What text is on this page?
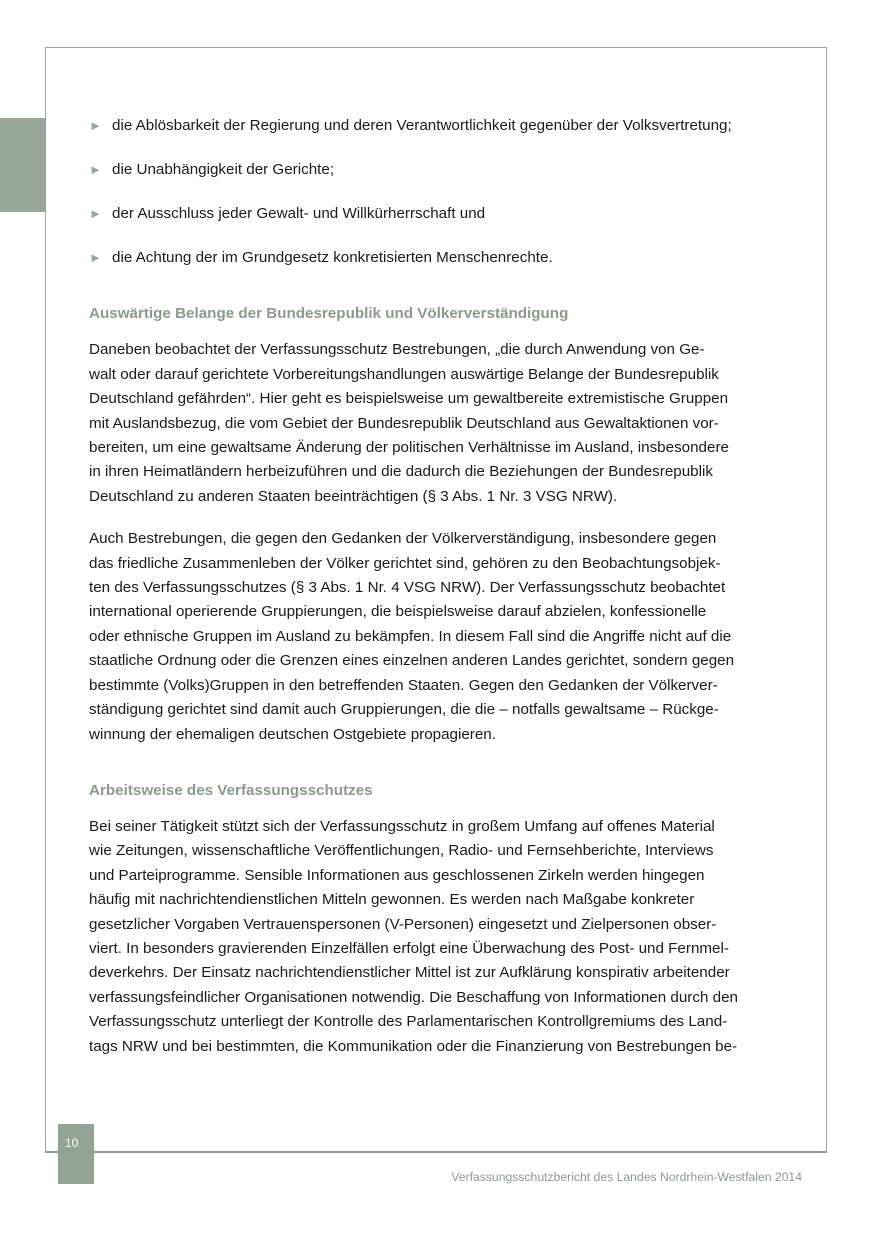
► die Ablösbarkeit der Regierung und deren Verantwortlichkeit gegenüber der Volksvertretung;
► die Unabhängigkeit der Gerichte;
► der Ausschluss jeder Gewalt- und Willkürherrschaft und
► die Achtung der im Grundgesetz konkretisierten Menschenrechte.
Auswärtige Belange der Bundesrepublik und Völkerverständigung

Daneben beobachtet der Verfassungsschutz Bestrebungen, „die durch Anwendung von Ge-
walt oder darauf gerichtete Vorbereitungshandlungen auswärtige Belange der Bundesrepublik
Deutschland gefährden“. Hier geht es beispielsweise um gewaltbereite extremistische Gruppen
mit Auslandsbezug, die vom Gebiet der Bundesrepublik Deutschland aus Gewaltaktionen vor-
bereiten, um eine gewaltsame Änderung der politischen Verhältnisse im Ausland, insbesondere
in ihren Heimatländern herbeizuführen und die dadurch die Beziehungen der Bundesrepublik
Deutschland zu anderen Staaten beeinträchtigen (§ 3 Abs. 1 Nr. 3 VSG NRW).

Auch Bestrebungen, die gegen den Gedanken der Völkerverständigung, insbesondere gegen
das friedliche Zusammenleben der Völker gerichtet sind, gehören zu den Beobachtungsobjek-
ten des Verfassungsschutzes (§ 3 Abs. 1 Nr. 4 VSG NRW). Der Verfassungsschutz beobachtet
international operierende Gruppierungen, die beispielsweise darauf abzielen, konfessionelle
oder ethnische Gruppen im Ausland zu bekämpfen. In diesem Fall sind die Angriffe nicht auf die
staatliche Ordnung oder die Grenzen eines einzelnen anderen Landes gerichtet, sondern gegen
bestimmte (Volks)Gruppen in den betreffenden Staaten. Gegen den Gedanken der Völkerver-
ständigung gerichtet sind damit auch Gruppierungen, die die – notfalls gewaltsame – Rückge-
winnung der ehemaligen deutschen Ostgebiete propagieren.

Arbeitsweise des Verfassungsschutzes

Bei seiner Tätigkeit stützt sich der Verfassungsschutz in großem Umfang auf offenes Material
wie Zeitungen, wissenschaftliche Veröffentlichungen, Radio- und Fernsehberichte, Interviews
und Parteiprogramme. Sensible Informationen aus geschlossenen Zirkeln werden hingegen
häufig mit nachrichtendienstlichen Mitteln gewonnen. Es werden nach Maßgabe konkreter
gesetzlicher Vorgaben Vertrauenspersonen (V-Personen) eingesetzt und Zielpersonen obser-
viert. In besonders gravierenden Einzelfällen erfolgt eine Überwachung des Post- und Fernmel-
deverkehrs. Der Einsatz nachrichtendienstlicher Mittel ist zur Aufklärung konspirativ arbeitender
verfassungsfeindlicher Organisationen notwendig. Die Beschaffung von Informationen durch den
Verfassungsschutz unterliegt der Kontrolle des Parlamentarischen Kontrollgremiums des Land-
tags NRW und bei bestimmten, die Kommunikation oder die Finanzierung von Bestrebungen be-

10
Verfassungsschutzbericht des Landes Nordrhein-Westfalen 2014
